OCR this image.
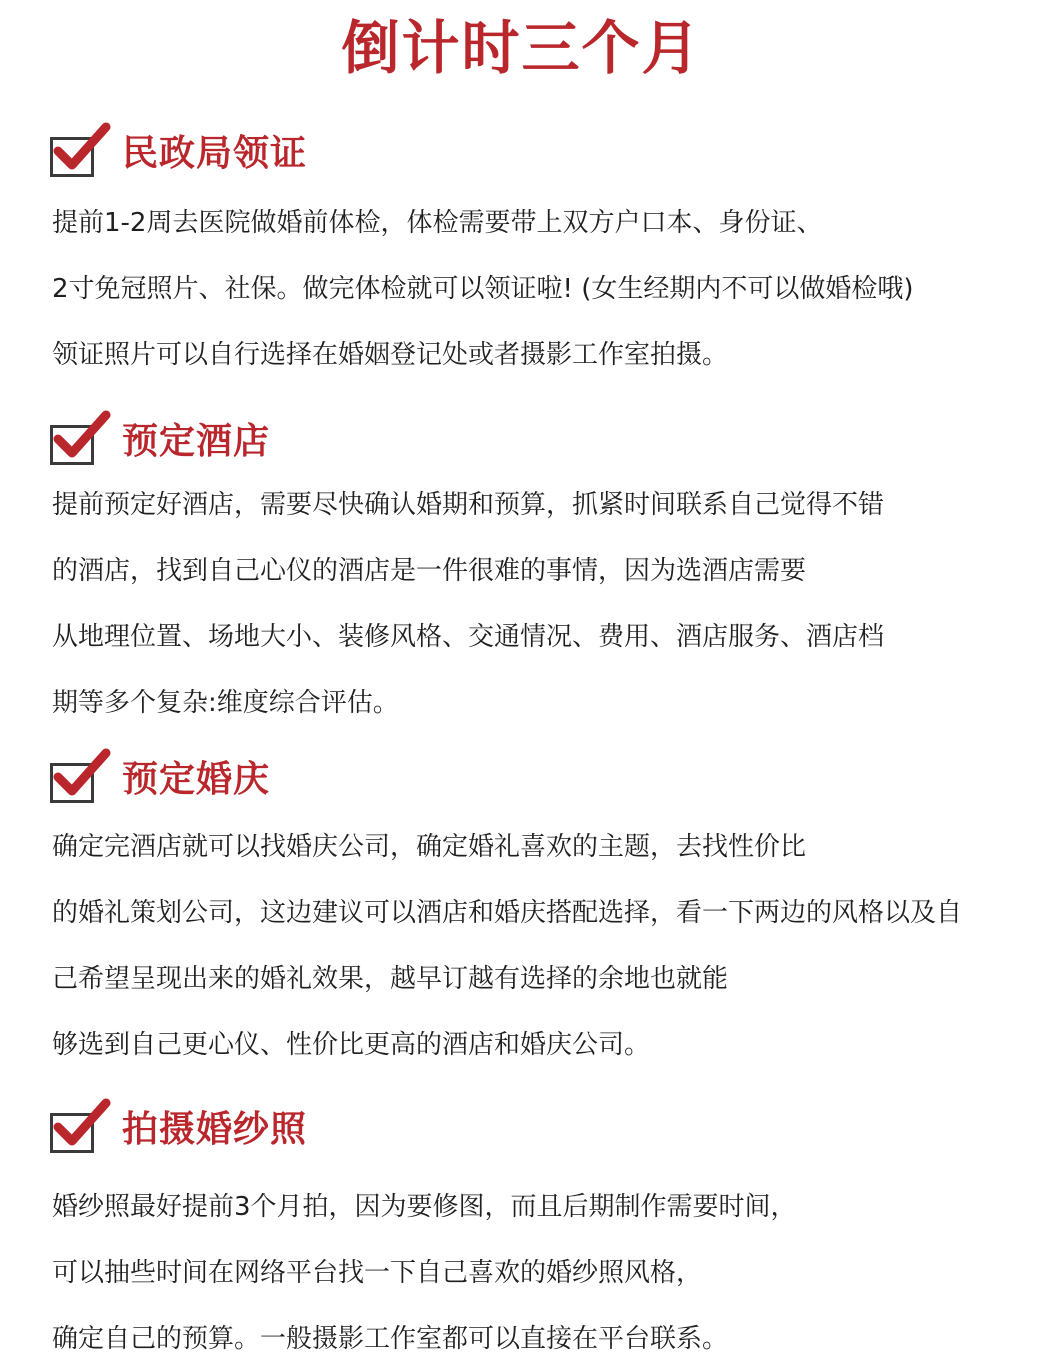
倒计时三个月
民政局领证
提前1-2周去医院做婚前体检，体检需要带上双方户口本、身份证、
2寸免冠照片、社保。做完体检就可以领证啦! (女生经期内不可以做婚检哦)
领证照片可以自行选择在婚姻登记处或者摄影工作室拍摄。
预定酒店
提前预定好酒店，需要尽快确认婚期和预算，抓紧时间联系自己觉得不错
的酒店，找到自己心仪的酒店是一件很难的事情，因为选酒店需要
从地理位置、场地大小、装修风格、交通情况、费用、酒店服务、酒店档
期等多个复杂:维度综合评估。
预定婚庆
确定完酒店就可以找婚庆公司，确定婚礼喜欢的主题，去找性价比
的婚礼策划公司，这边建议可以酒店和婚庆搭配选择，看一下两边的风格以及自
己希望呈现出来的婚礼效果，越早订越有选择的余地也就能
够选到自己更心仪、性价比更高的酒店和婚庆公司。
拍摄婚纱照
婚纱照最好提前3个月拍，因为要修图，而且后期制作需要时间，
可以抽些时间在网络平台找一下自己喜欢的婚纱照风格，
确定自己的预算。一般摄影工作室都可以直接在平台联系。
